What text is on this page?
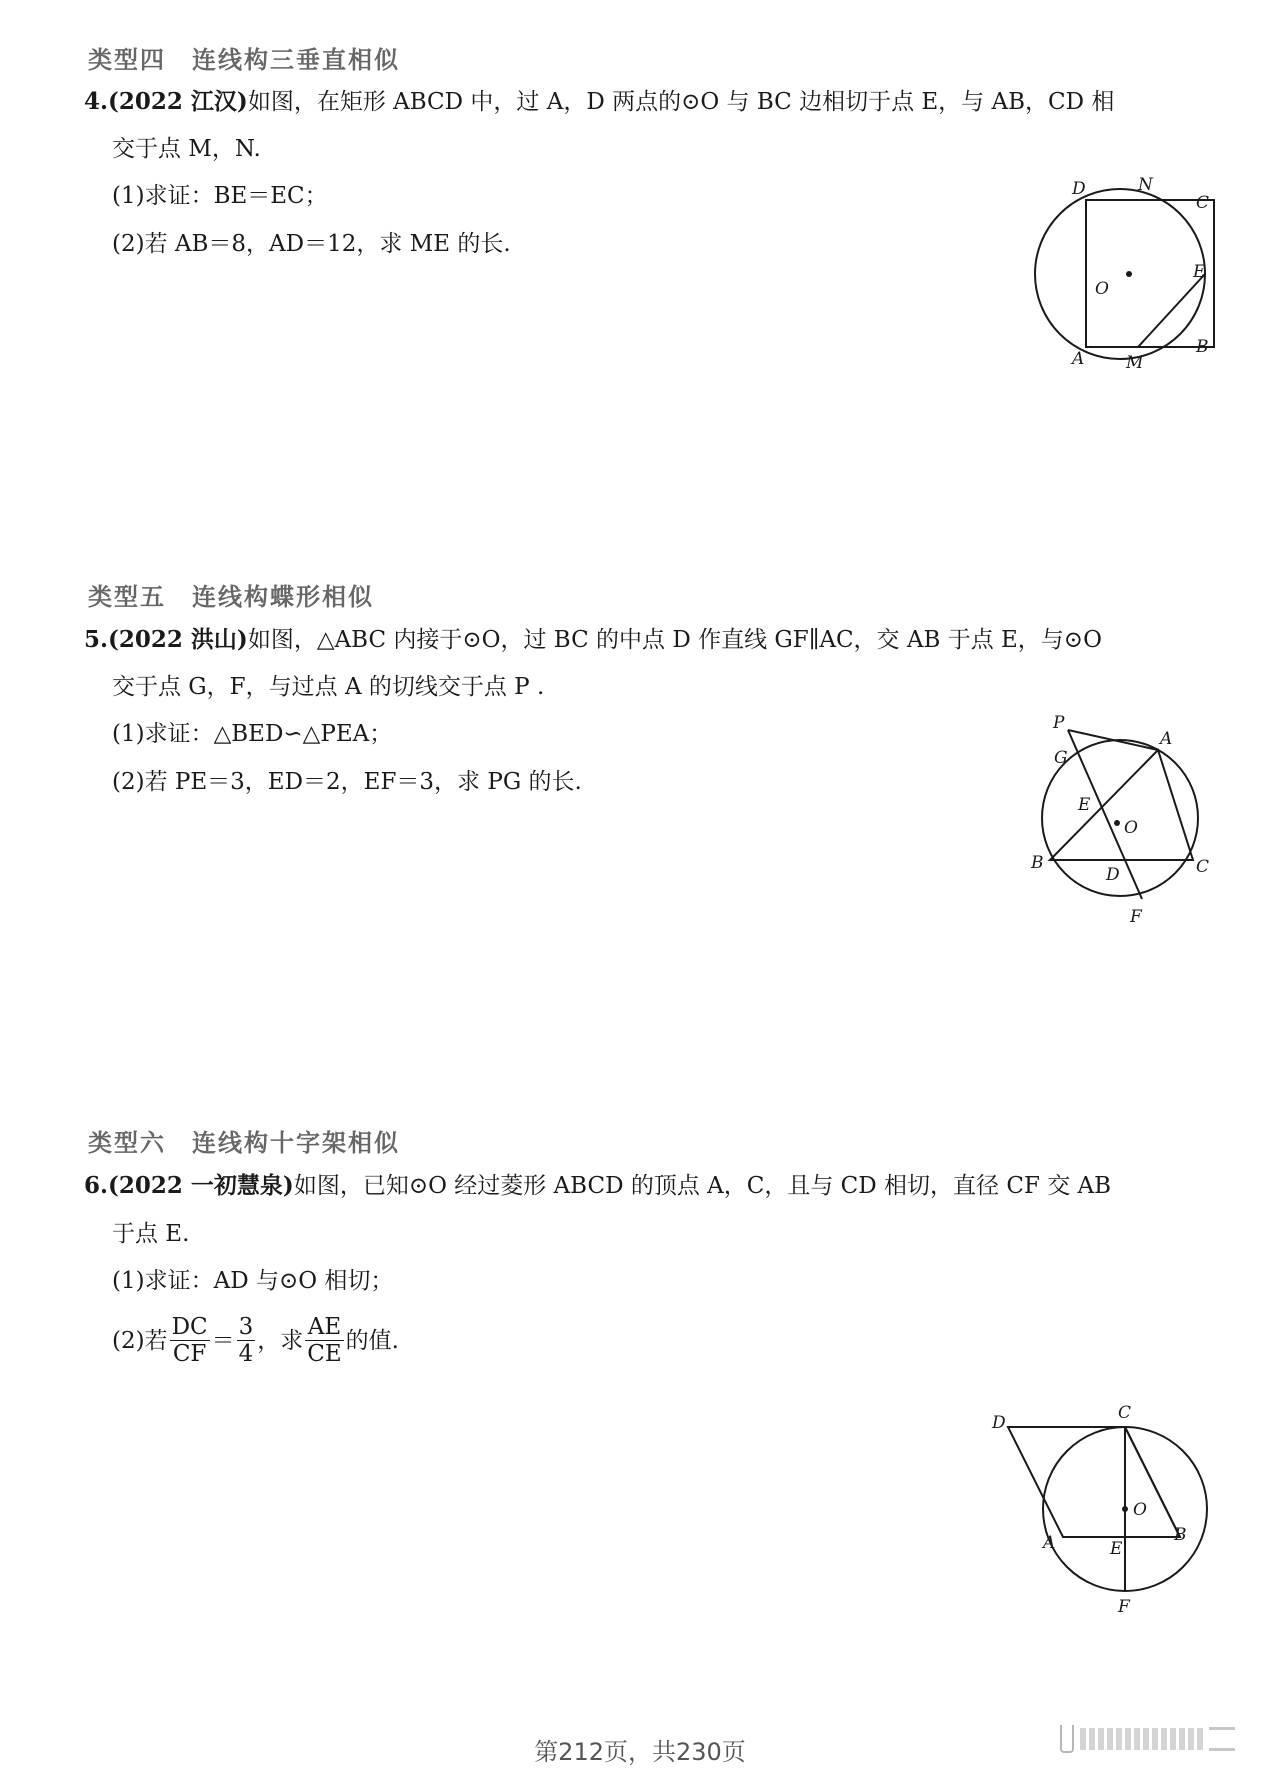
类型四　连线构三垂直相似
4.(2022 江汉)如图，在矩形 ABCD 中，过 A，D 两点的⊙O 与 BC 边相切于点 E，与 AB，CD 相
交于点 M，N.
(1)求证：BE＝EC；
(2)若 AB＝8，AD＝12，求 ME 的长.
D	N
C
O
E
A M
B
类型五　连线构蝶形相似
5.(2022 洪山)如图，△ABC 内接于⊙O，过 BC 的中点 D 作直线 GF∥AC，交 AB 于点 E，与⊙O
交于点 G，F，与过点 A 的切线交于点 P .
(1)求证：△BED∽△PEA；
(2)若 PE＝3，ED＝2，EF＝3，求 PG 的长.
P
A
G
E
O
B
D	C
F
类型六　连线构十字架相似
6.(2022 一初慧泉)如图，已知⊙O 经过菱形 ABCD 的顶点 A，C，且与 CD 相切，直径 CF 交 AB
于点 E.
(1)求证：AD 与⊙O 相切；
(2)若 $\frac{DC}{CF} = \frac{3}{4}$ ，求 $\frac{AE}{CE}$ 的值.
D	C
O
A	E
B
F
第212页，共230页
